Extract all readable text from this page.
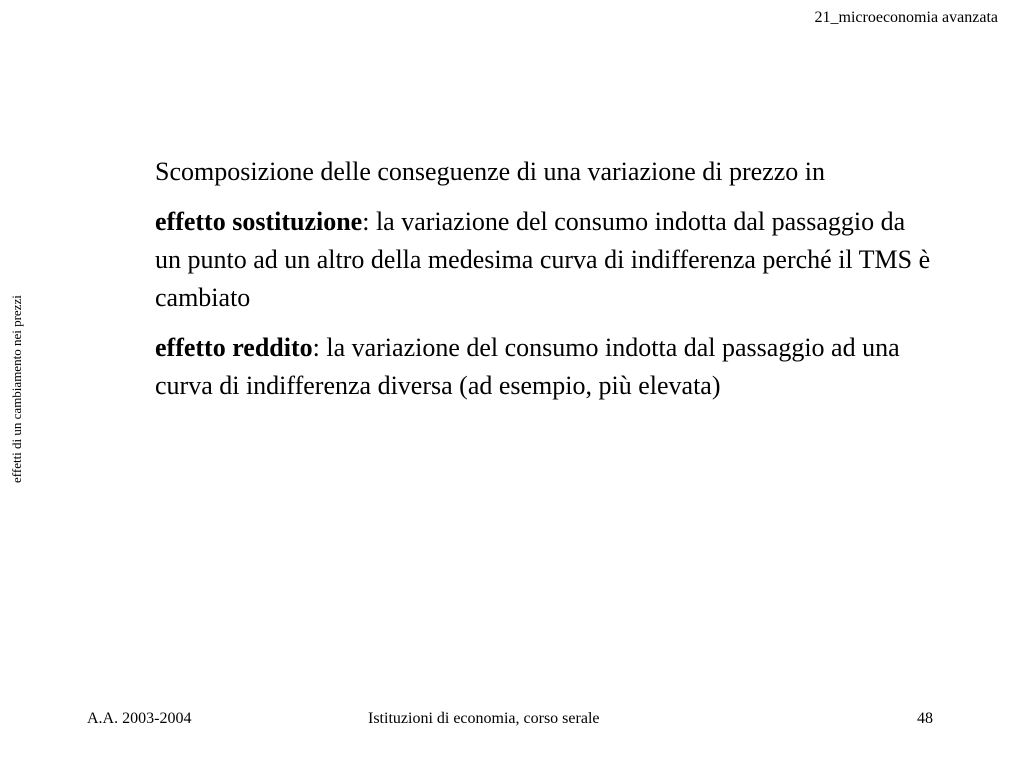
21_microeconomia avanzata
effetti di un cambiamento nei prezzi

Scomposizione delle conseguenze di una variazione di prezzo in

effetto sostituzione: la variazione del consumo indotta dal passaggio da un punto ad un altro della medesima curva di indifferenza perché il TMS è cambiato

effetto reddito: la variazione del consumo indotta dal passaggio ad una curva di indifferenza diversa (ad esempio, più elevata)

A.A. 2003-2004	Istituzioni di economia, corso serale	48
